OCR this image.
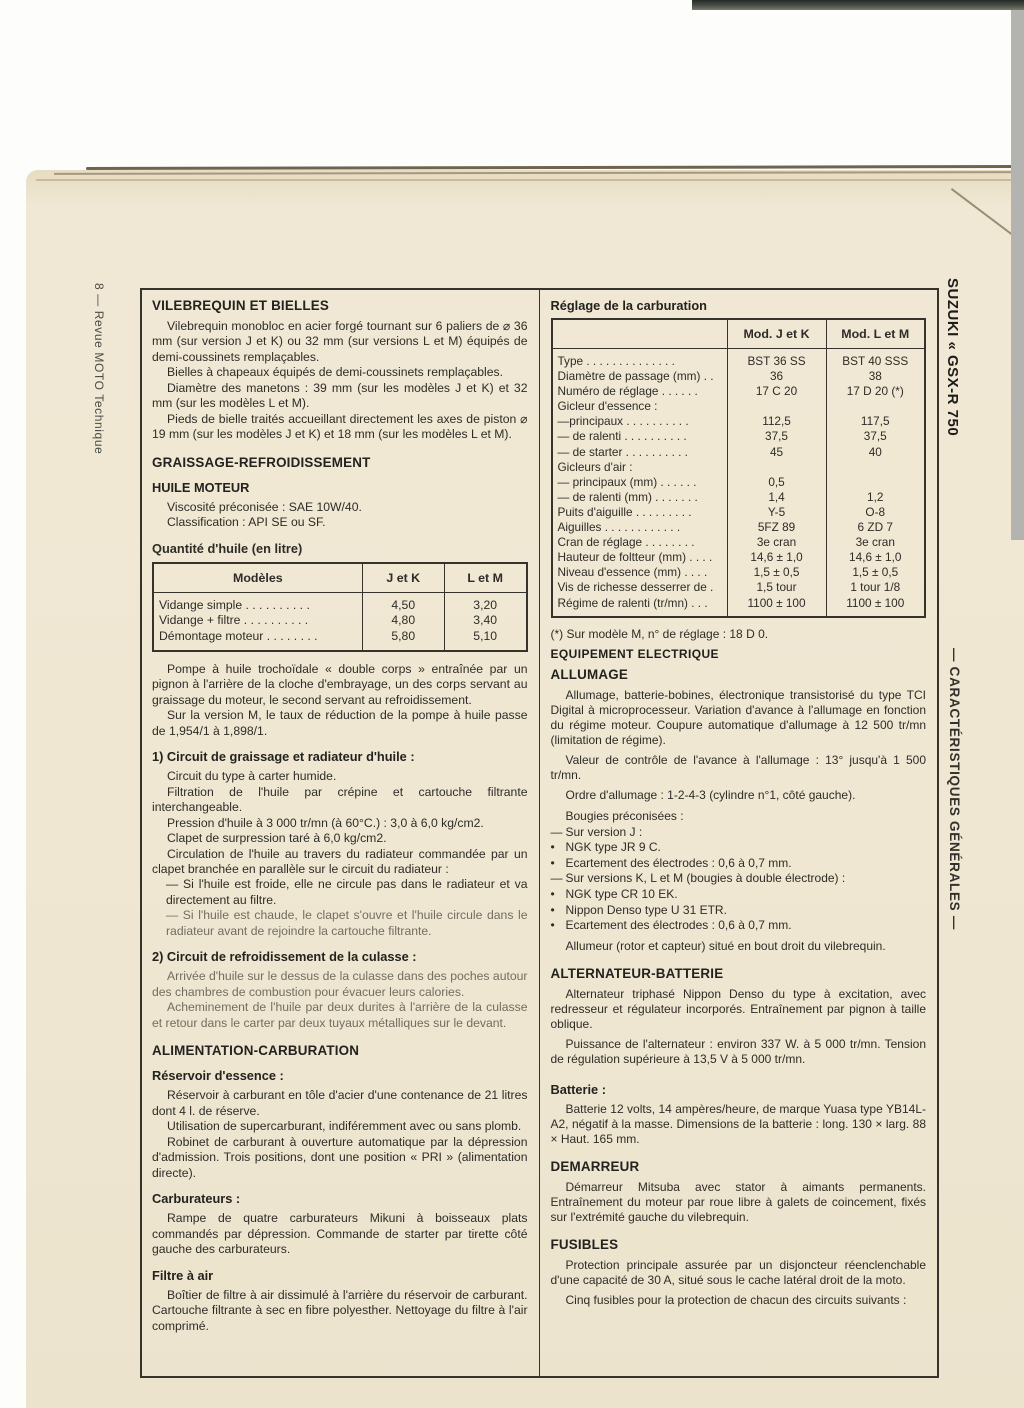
8 — Revue MOTO Technique	SUZUKI « GSX-R 750
— CARACTÉRISTIQUES GÉNÉRALES —
VILEBREQUIN ET BIELLES

Vilebrequin monobloc en acier forgé tournant sur 6 paliers de ⌀ 36 mm (sur version J et K) ou 32 mm (sur versions L et M) équipés de demi-coussinets remplaçables.

Bielles à chapeaux équipés de demi-coussinets remplaçables.

Diamètre des manetons : 39 mm (sur les modèles J et K) et 32 mm (sur les modèles L et M).

Pieds de bielle traités accueillant directement les axes de piston ⌀ 19 mm (sur les modèles J et K) et 18 mm (sur les modèles L et M).

GRAISSAGE-REFROIDISSEMENT
HUILE MOTEUR

Viscosité préconisée : SAE 10W/40.

Classification : API SE ou SF.

Quantité d'huile (en litre)
Modèles	J et K	L et M
Vidange simple . . . . . . . . . .	4,50	3,20
Vidange + filtre . . . . . . . . . .	4,80	3,40
Démontage moteur . . . . . . . .	5,80	5,10

Pompe à huile trochoïdale « double corps » entraînée par un pignon à l'arrière de la cloche d'embrayage, un des corps servant au graissage du moteur, le second servant au refroidissement.

Sur la version M, le taux de réduction de la pompe à huile passe de 1,954/1 à 1,898/1.

1) Circuit de graissage et radiateur d'huile :

Circuit du type à carter humide.

Filtration de l'huile par crépine et cartouche filtrante interchangeable.

Pression d'huile à 3 000 tr/mn (à 60°C.) : 3,0 à 6,0 kg/cm2.

Clapet de surpression taré à 6,0 kg/cm2.

Circulation de l'huile au travers du radiateur commandée par un clapet branchée en parallèle sur le circuit du radiateur :

— Si l'huile est froide, elle ne circule pas dans le radiateur et va directement au filtre.

— Si l'huile est chaude, le clapet s'ouvre et l'huile circule dans le radiateur avant de rejoindre la cartouche filtrante.

2) Circuit de refroidissement de la culasse :

Arrivée d'huile sur le dessus de la culasse dans des poches autour des chambres de combustion pour évacuer leurs calories.

Acheminement de l'huile par deux durites à l'arrière de la culasse et retour dans le carter par deux tuyaux métalliques sur le devant.

ALIMENTATION-CARBURATION
Réservoir d'essence :

Réservoir à carburant en tôle d'acier d'une contenance de 21 litres dont 4 l. de réserve.

Utilisation de supercarburant, indiféremment avec ou sans plomb.

Robinet de carburant à ouverture automatique par la dépression d'admission. Trois positions, dont une position « PRI » (alimentation directe).

Carburateurs :

Rampe de quatre carburateurs Mikuni à boisseaux plats commandés par dépression. Commande de starter par tirette côté gauche des carburateurs.

Filtre à air

Boîtier de filtre à air dissimulé à l'arrière du réservoir de carburant. Cartouche filtrante à sec en fibre polyesther. Nettoyage du filtre à l'air comprimé.

Réglage de la carburation
	Mod. J et K	Mod. L et M
Type . . . . . . . . . . . . . .	BST 36 SS	BST 40 SSS
Diamètre de passage (mm) . .	36	38
Numéro de réglage . . . . . .	17 C 20	17 D 20 (*)
Gicleur d'essence :		
—principaux . . . . . . . . . .	112,5	117,5
— de ralenti . . . . . . . . . .	37,5	37,5
— de starter . . . . . . . . . .	45	40
Gicleurs d'air :		
— principaux (mm) . . . . . .	0,5	
— de ralenti (mm) . . . . . . .	1,4	1,2
Puits d'aiguille . . . . . . . . .	Y-5	O-8
Aiguilles . . . . . . . . . . . .	5FZ 89	6 ZD 7
Cran de réglage . . . . . . . .	3e cran	3e cran
Hauteur de foltteur (mm) . . . .	14,6 ± 1,0	14,6 ± 1,0
Niveau d'essence (mm) . . . .	1,5 ± 0,5	1,5 ± 0,5
Vis de richesse desserrer de .	1,5 tour	1 tour 1/8
Régime de ralenti (tr/mn) . . .	1100 ± 100	1100 ± 100

(*) Sur modèle M, n° de réglage : 18 D 0.

EQUIPEMENT ELECTRIQUE

ALLUMAGE

Allumage, batterie-bobines, électronique transistorisé du type TCI Digital à microprocesseur. Variation d'avance à l'allumage en fonction du régime moteur. Coupure automatique d'allumage à 12 500 tr/mn (limitation de régime).

Valeur de contrôle de l'avance à l'allumage : 13° jusqu'à 1 500 tr/mn.

Ordre d'allumage : 1-2-4-3 (cylindre n°1, côté gauche).

Bougies préconisées :

— Sur version J :
• NGK type JR 9 C.
• Ecartement des électrodes : 0,6 à 0,7 mm.
— Sur versions K, L et M (bougies à double électrode) :
• NGK type CR 10 EK.
• Nippon Denso type U 31 ETR.
• Ecartement des électrodes : 0,6 à 0,7 mm.

Allumeur (rotor et capteur) situé en bout droit du vilebrequin.

ALTERNATEUR-BATTERIE

Alternateur triphasé Nippon Denso du type à excitation, avec redresseur et régulateur incorporés. Entraînement par pignon à taille oblique.

Puissance de l'alternateur : environ 337 W. à 5 000 tr/mn. Tension de régulation supérieure à 13,5 V à 5 000 tr/mn.

Batterie :

Batterie 12 volts, 14 ampères/heure, de marque Yuasa type YB14L-A2, négatif à la masse. Dimensions de la batterie : long. 130 × larg. 88 × Haut. 165 mm.

DEMARREUR

Démarreur Mitsuba avec stator à aimants permanents. Entraînement du moteur par roue libre à galets de coincement, fixés sur l'extrémité gauche du vilebrequin.

FUSIBLES

Protection principale assurée par un disjoncteur réenclenchable d'une capacité de 30 A, situé sous le cache latéral droit de la moto.

Cinq fusibles pour la protection de chacun des circuits suivants :
